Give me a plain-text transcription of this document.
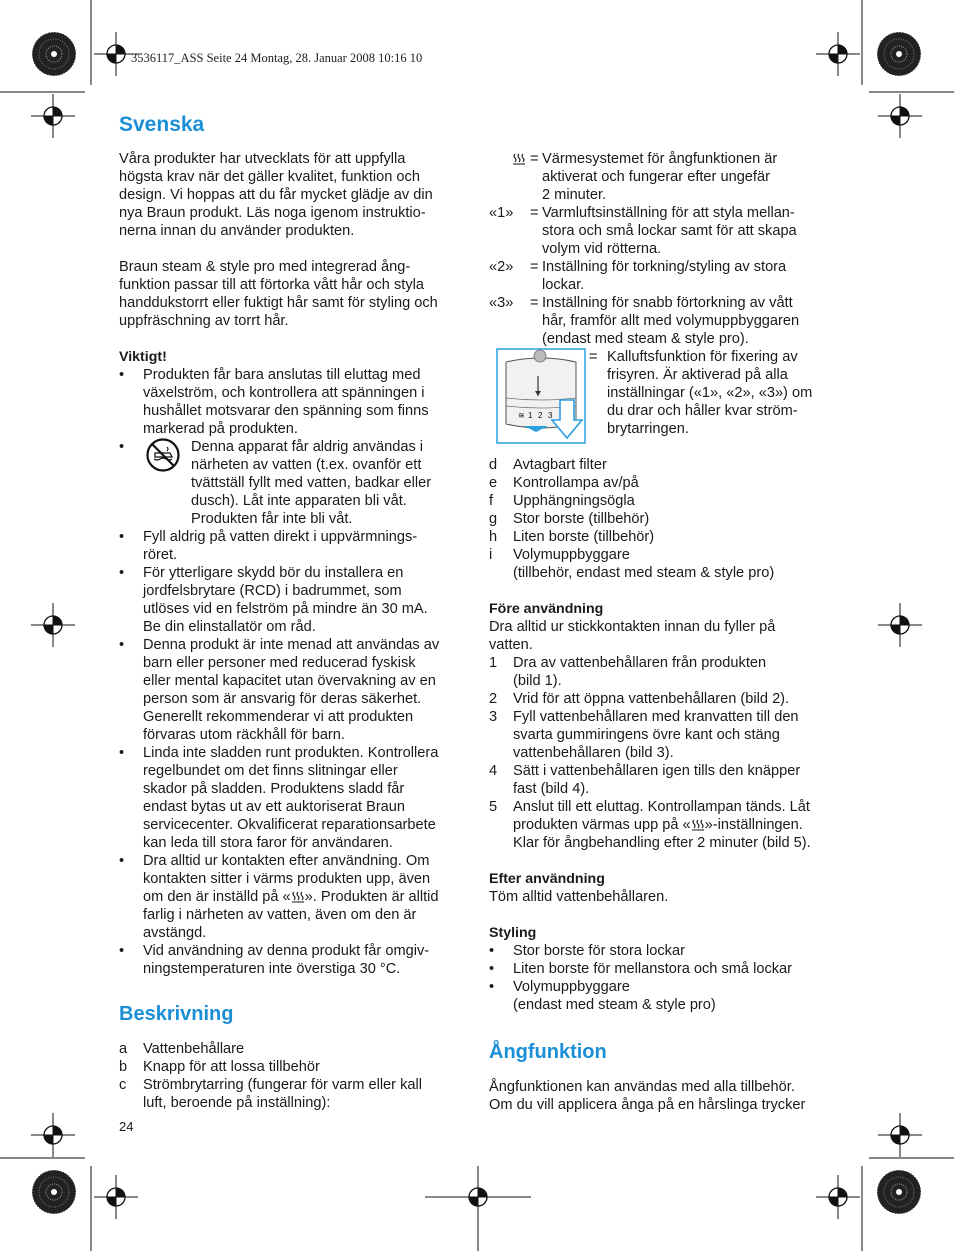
3536117_ASS Seite 24 Montag, 28. Januar 2008 10:16 10
Svenska

Våra produkter har utvecklats för att uppfylla

högsta krav när det gäller kvalitet, funktion och

design. Vi hoppas att du får mycket glädje av din

nya Braun produkt. Läs noga igenom instruktio-

nerna innan du använder produkten.

Braun steam & style pro med integrerad ång-

funktion passar till att förtorka vått hår och styla

handdukstorrt eller fuktigt hår samt för styling och

uppfräschning av torrt hår.

Viktigt!
•	Produkten får bara anslutas till eluttag med

växelström, och kontrollera att spänningen i

hushållet motsvarar den spänning som finns

markerad på produkten.

•	Denna apparat får aldrig användas i

närheten av vatten (t.ex. ovanför ett

tvättställ fyllt med vatten, badkar eller

dusch). Låt inte apparaten bli våt.

Produkten får inte bli våt.

•	Fyll aldrig på vatten direkt i uppvärmnings-

röret.

•	För ytterligare skydd bör du installera en

jordfelsbrytare (RCD) i badrummet, som

utlöses vid en felström på mindre än 30 mA.

Be din elinstallatör om råd.

•	Denna produkt är inte menad att användas av

barn eller personer med reducerad fyskisk

eller mental kapacitet utan övervakning av en

person som är ansvarig för deras säkerhet.

Generellt rekommenderar vi att produkten

förvaras utom räckhåll för barn.

•	Linda inte sladden runt produkten. Kontrollera

regelbundet om det finns slitningar eller

skador på sladden. Produktens sladd får

endast bytas ut av ett auktoriserat Braun

servicecenter. Okvalificerat reparationsarbete

kan leda till stora faror för användaren.

•	Dra alltid ur kontakten efter användning. Om

kontakten sitter i värms produkten upp, även

om den är inställd på « ». Produkten är alltid

farlig i närheten av vatten, även om den är

avstängd.

•	Vid användning av denna produkt får omgiv-

ningstemperaturen inte överstiga 30 °C.

Beskrivning
a	Vattenbehållare

b	Knapp för att lossa tillbehör

c	Strömbrytarring (fungerar för varm eller kall

luft, beroende på inställning):

24
= Värmesystemet för ångfunktionen är

aktiverat och fungerar efter ungefär

2 minuter.

«1»	= Varmluftsinställning för att styla mellan-

stora och små lockar samt för att skapa

volym vid rötterna.

«2»	= Inställning för torkning/styling av stora

lockar.

«3»	= Inställning för snabb förtorkning av vått

hår, framför allt med volymuppbyggaren

(endast med steam & style pro).

≋ 1 2 3
= Kalluftsfunktion för fixering av

frisyren. Är aktiverad på alla

inställningar («1», «2», «3») om

du drar och håller kvar ström-

brytarringen.

d	Avtagbart filter

e	Kontrollampa av/på

f	Upphängningsögla

g	Stor borste (tillbehör)

h	Liten borste (tillbehör)

i	Volymuppbyggare

(tillbehör, endast med steam & style pro)

Före användning

Dra alltid ur stickkontakten innan du fyller på

vatten.

1	Dra av vattenbehållaren från produkten

(bild 1).

2	Vrid för att öppna vattenbehållaren (bild 2).

3	Fyll vattenbehållaren med kranvatten till den

svarta gummiringens övre kant och stäng

vattenbehållaren (bild 3).

4	Sätt i vattenbehållaren igen tills den knäpper

fast (bild 4).

5	Anslut till ett eluttag. Kontrollampan tänds. Låt

produkten värmas upp på « »-inställningen.

Klar för ångbehandling efter 2 minuter (bild 5).

Efter användning

Töm alltid vattenbehållaren.

Styling
•	Stor borste för stora lockar

•	Liten borste för mellanstora och små lockar

•	Volymuppbyggare

(endast med steam & style pro)

Ångfunktion

Ångfunktionen kan användas med alla tillbehör.

Om du vill applicera ånga på en hårslinga trycker
